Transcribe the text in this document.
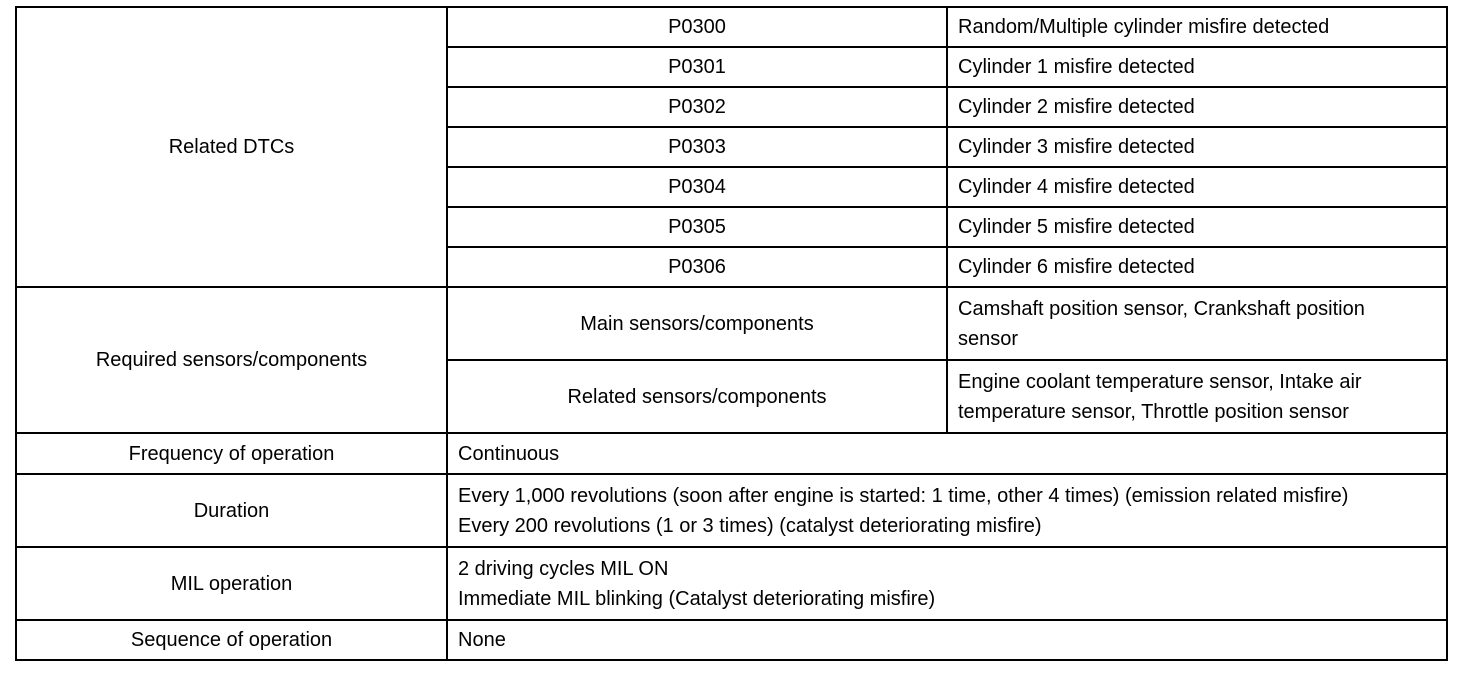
Related DTCs	P0300	Random/Multiple cylinder misfire detected
	P0301	Cylinder 1 misfire detected
	P0302	Cylinder 2 misfire detected
	P0303	Cylinder 3 misfire detected
	P0304	Cylinder 4 misfire detected
	P0305	Cylinder 5 misfire detected
	P0306	Cylinder 6 misfire detected
Required sensors/components	Main sensors/components	Camshaft position sensor, Crankshaft position
sensor

	Related sensors/components	Engine coolant temperature sensor, Intake air
temperature sensor, Throttle position sensor

Frequency of operation	Continuous	
Duration	Every 1,000 revolutions (soon after engine is started: 1 time, other 4 times) (emission related misfire)
Every 200 revolutions (1 or 3 times) (catalyst deteriorating misfire)	

MIL operation	2 driving cycles MIL ON
Immediate MIL blinking (Catalyst deteriorating misfire)	

Sequence of operation	None	
